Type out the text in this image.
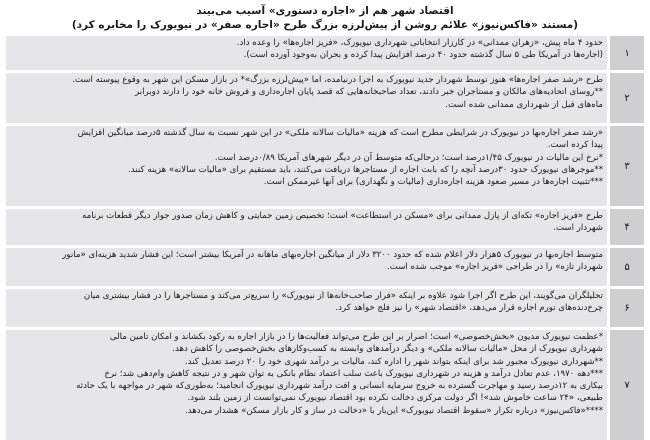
اقتصاد شهر هم از «اجاره دستوری» آسیب می‌بیند
(مستند «فاکس‌نیوز» علائم روشن از پیش‌لرزه بزرگ طرح «اجاره صفر» در نیویورک را مخابره کرد)
۱

حدود ۴ ماه پیش، «زهران ممدانی» در کارزار انتخاباتی شهرداری نیویورک، «فریز اجاره‌ها» را وعده داد.

(اجاره‌ها در آمریکا طی ۵ سال گذشته حدود ۴۰ درصد افزایش پیدا کرده و بحران به‌وجود آورده است).

۲

طرح «رشد صفر اجاره‌ها» هنوز توسط شهردار جدید نیویورک به اجرا درنیامده، اما «پیش‌لرزه بزرگ»* در بازار مسکن این شهر به وقوع پیوسته است.

**روسای اتحادیه‌های مالکان و مستاجران خبر دادند، تعداد صاحبخانه‌هایی که قصد پایان اجاره‌داری و فروش خانه خود را دارند دوبرابر

ماه‌های قبل از شهرداری ممدانی شده است.

۳

«رشد صفر اجاره‌بها در نیویورک در شرایطی مطرح است که هزینه «مالیات سالانه ملکی» در این شهر نسبت به سال گذشته ۵درصد میانگین افزایش

پیدا کرده است.

*نرخ این مالیات در نیویورک ۱/۴۵درصد است؛ درحالی‌که متوسط آن در دیگر شهرهای آمریکا ۰/۸۹درصد است.

**موجرهای نیویورک حدود ۳۰درصد آنچه را که بابت اجاره از مستاجرها دریافت می‌کنند، باید مستقیم برای «مالیات سالانه» هزینه کنند.

***تثبیت اجاره‌ها در مسیر صعود هزینه اجاره‌داری (مالیات و نگهداری) برای آنها غیرممکن است.

۴

طرح «فریز اجاره» تکه‌ای از پازل ممدانی برای «مسکن در استطاعت» است؛ تخصیص زمین حمایتی و کاهش زمان صدور جواز دیگر قطعات برنامه

شهردار است.

۵

متوسط اجاره‌بها در نیویورک ۵هزار دلار اعلام شده که حدود ۳۲۰۰ دلار از میانگین اجاره‌بهای ماهانه در آمریکا بیشتر است؛ این فشار شدید هزینه‌ای «مانور

شهردار تازه» را در طراحی «فریز اجاره» موجب شده است.

۶

تحلیلگران می‌گویند، این طرح اگر اجرا شود علاوه بر اینکه «فرار صاحب‌خانه‌ها از نیویورک» را سریع‌تر می‌کند و مستاجرها را در فشار بیشتری میان

چرخ‌دنده‌های تورم اجاره قرار می‌دهد، «اقتصاد شهر» را نیز فلج خواهد کرد.

۷

*عظمت نیویورک مدیون «بخش‌خصوصی» است؛ اصرار بر این طرح می‌تواند فعالیت‌ها را در بازار اجاره به رکود بکشاند و امکان تامین مالی

شهرداری نیویورک از محل «مالیات سالانه ملکی» و دیگر درآمدهای وابسته به کسب‌وکارهای بخش‌خصوصی را کاهش دهد.

**شهرداری نیویورک مجبور شد برای اینکه بتواند شهر را اداره کند، مالیات بر درآمد شهری خود را ۲۰ درصد تعدیل کند.

***دهه ۱۹۷۰، عدم تعادل درآمد و هزینه در شهرداری نیویورک باعث سلب اعتماد نظام بانکی به توان شهر و در نتیجه کاهش وام‌دهی شد؛ نرخ

بیکاری به ۱۲درصد رسید و مهاجرت گسترده به خروج سرمایه انسانی و افت درآمد شهرداری نیویورک انجامید؛ به‌طوری‌که شهر در مواجهه با یک حادثه

طبیعی، «۲۴ ساعت خاموش شد»! اگر دولت مرکزی دخالت نکرده بود اقتصاد نیویورک نمی‌توانست از زمین بلند شود.

****«فاکس‌نیوز» درباره تکرار «سقوط اقتصاد نیویورک» این‌بار با «دخالت در ساز و کار بازار مسکن» هشدار می‌دهد.
